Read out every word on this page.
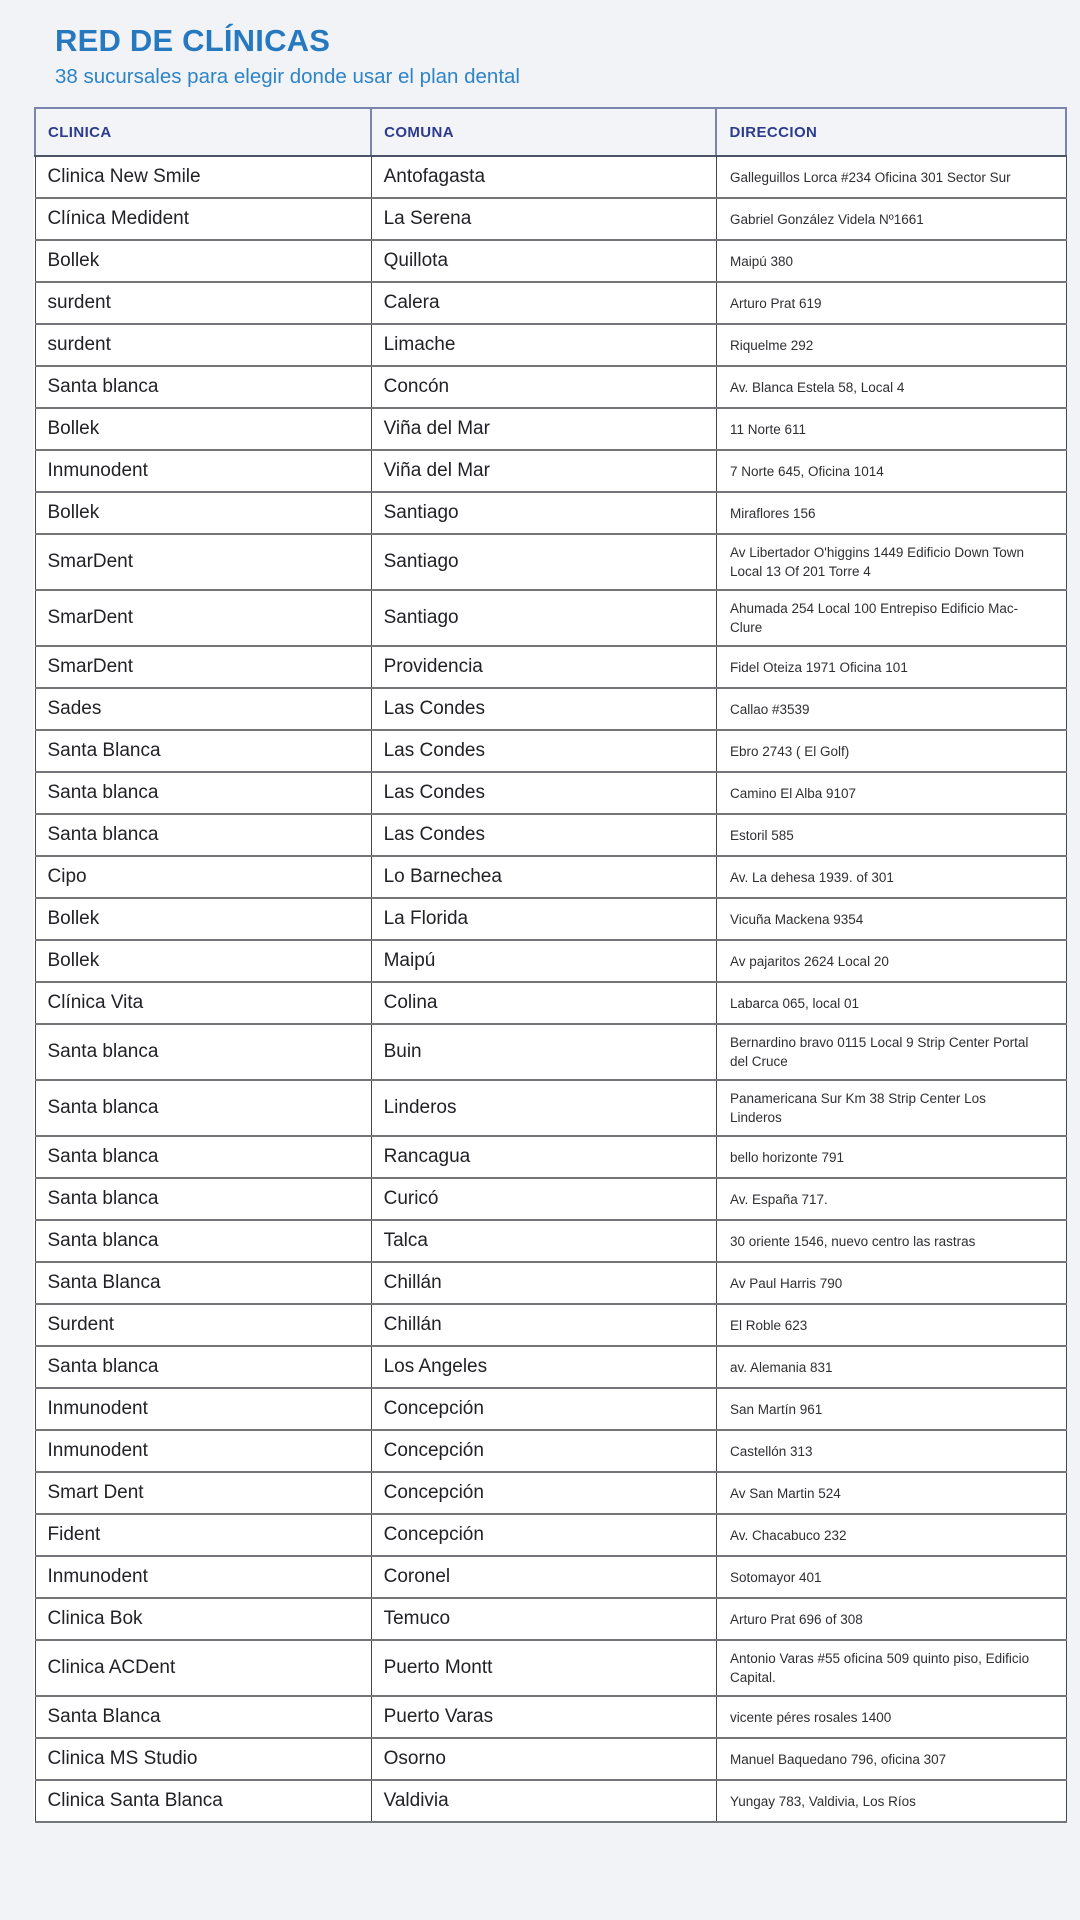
RED DE CLÍNICAS
38 sucursales para elegir donde usar el plan dental
CLINICA	COMUNA	DIRECCION
Clinica New Smile	Antofagasta	Galleguillos Lorca #234 Oficina 301 Sector Sur
Clínica Medident	La Serena	Gabriel González Videla Nº1661
Bollek	Quillota	Maipú 380
surdent	Calera	Arturo Prat 619
surdent	Limache	Riquelme 292
Santa blanca	Concón	Av. Blanca Estela 58, Local 4
Bollek	Viña del Mar	11 Norte 611
Inmunodent	Viña del Mar	7 Norte 645, Oficina 1014
Bollek	Santiago	Miraflores 156
SmarDent	Santiago	Av Libertador O'higgins 1449 Edificio Down Town Local 13 Of 201 Torre 4
SmarDent	Santiago	Ahumada 254 Local 100 Entrepiso Edificio Mac-Clure
SmarDent	Providencia	Fidel Oteiza 1971 Oficina 101
Sades	Las Condes	Callao #3539
Santa Blanca	Las Condes	Ebro 2743 ( El Golf)
Santa blanca	Las Condes	Camino El Alba 9107
Santa blanca	Las Condes	Estoril 585
Cipo	Lo Barnechea	Av. La dehesa 1939. of 301
Bollek	La Florida	Vicuña Mackena 9354
Bollek	Maipú	Av pajaritos 2624 Local 20
Clínica Vita	Colina	Labarca 065, local 01
Santa blanca	Buin	Bernardino bravo 0115 Local 9 Strip Center Portal del Cruce
Santa blanca	Linderos	Panamericana Sur Km 38 Strip Center Los Linderos
Santa blanca	Rancagua	bello horizonte 791
Santa blanca	Curicó	Av. España 717.
Santa blanca	Talca	30 oriente 1546, nuevo centro las rastras
Santa Blanca	Chillán	Av Paul Harris 790
Surdent	Chillán	El Roble 623
Santa blanca	Los Angeles	av. Alemania 831
Inmunodent	Concepción	San Martín 961
Inmunodent	Concepción	Castellón 313
Smart Dent	Concepción	Av San Martin 524
Fident	Concepción	Av. Chacabuco 232
Inmunodent	Coronel	Sotomayor 401
Clinica Bok	Temuco	Arturo Prat 696 of 308
Clinica ACDent	Puerto Montt	Antonio Varas #55 oficina 509 quinto piso, Edificio Capital.
Santa Blanca	Puerto Varas	vicente péres rosales 1400
Clinica MS Studio	Osorno	Manuel Baquedano 796, oficina 307
Clinica Santa Blanca	Valdivia	Yungay 783, Valdivia, Los Ríos
